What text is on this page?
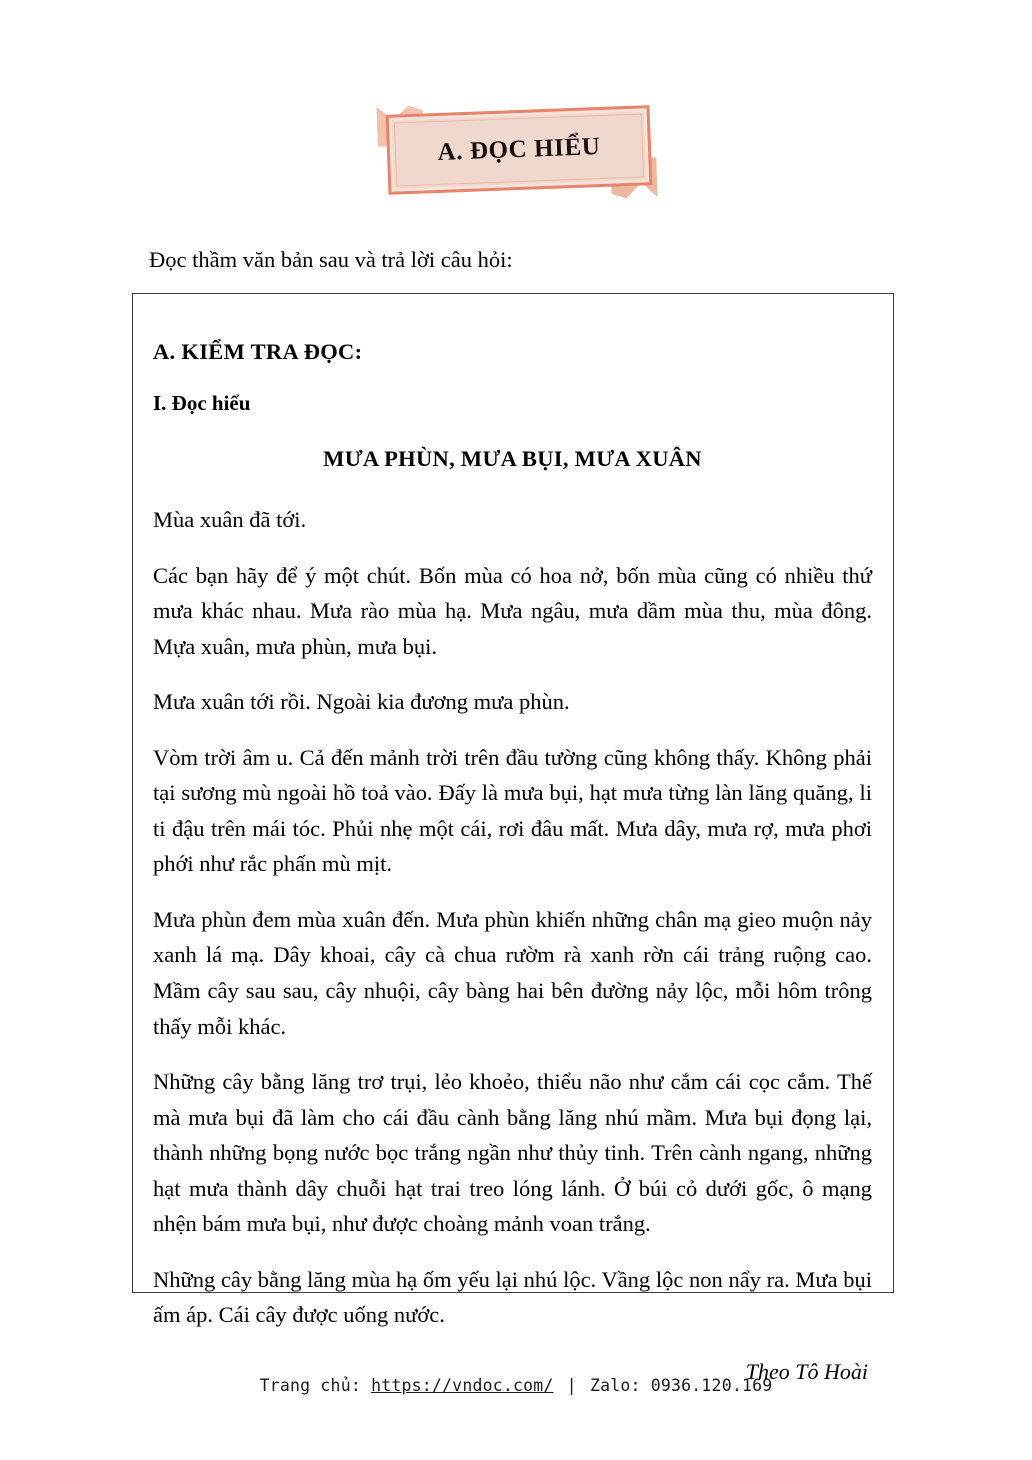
A. ĐỌC HIỂU
Đọc thầm văn bản sau và trả lời câu hỏi:
A. KIỂM TRA ĐỌC:
I. Đọc hiểu
MƯA PHÙN, MƯA BỤI, MƯA XUÂN

Mùa xuân đã tới.

Các bạn hãy để ý một chút. Bốn mùa có hoa nở, bốn mùa cũng có nhiều thứ mưa khác nhau. Mưa rào mùa hạ. Mưa ngâu, mưa dầm mùa thu, mùa đông. Mựa xuân, mưa phùn, mưa bụi.

Mưa xuân tới rồi. Ngoài kia đương mưa phùn.

Vòm trời âm u. Cả đến mảnh trời trên đầu tường cũng không thấy. Không phải tại sương mù ngoài hồ toả vào. Đấy là mưa bụi, hạt mưa từng làn lăng quăng, li ti đậu trên mái tóc. Phủi nhẹ một cái, rơi đâu mất. Mưa dây, mưa rợ, mưa phơi phới như rắc phấn mù mịt.

Mưa phùn đem mùa xuân đến. Mưa phùn khiến những chân mạ gieo muộn nảy xanh lá mạ. Dây khoai, cây cà chua rườm rà xanh rờn cái trảng ruộng cao. Mầm cây sau sau, cây nhuội, cây bàng hai bên đường nảy lộc, mỗi hôm trông thấy mỗi khác.

Những cây bằng lăng trơ trụi, lẻo khoẻo, thiểu não như cắm cái cọc cắm. Thế mà mưa bụi đã làm cho cái đầu cành bằng lăng nhú mầm. Mưa bụi đọng lại, thành những bọng nước bọc trắng ngần như thủy tinh. Trên cành ngang, những hạt mưa thành dây chuỗi hạt trai treo lóng lánh. Ở búi cỏ dưới gốc, ô mạng nhện bám mưa bụi, như được choàng mảnh voan trắng.

Những cây bằng lăng mùa hạ ốm yếu lại nhú lộc. Vầng lộc non nẩy ra. Mưa bụi ấm áp. Cái cây được uống nước.

Theo Tô Hoài
Trang chủ: https://vndoc.com/ | Zalo: 0936.120.169
